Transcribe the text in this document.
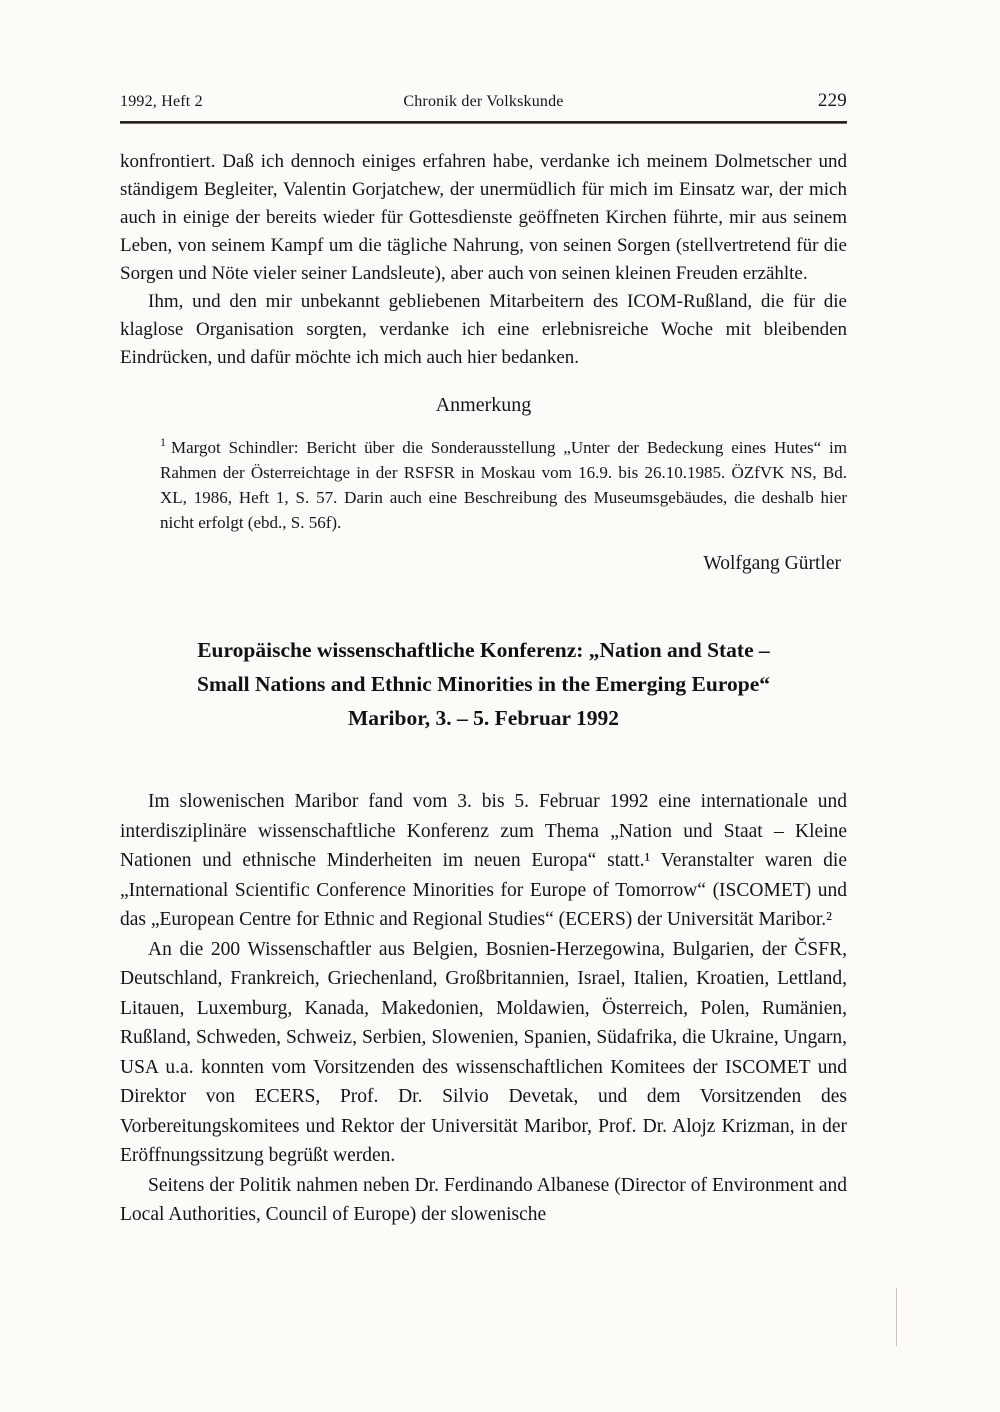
1992, Heft 2	Chronik der Volkskunde	229

konfrontiert. Daß ich dennoch einiges erfahren habe, verdanke ich meinem Dolmetscher und ständigem Begleiter, Valentin Gorjatchew, der unermüdlich für mich im Einsatz war, der mich auch in einige der bereits wieder für Gottesdienste geöffneten Kirchen führte, mir aus seinem Leben, von seinem Kampf um die tägliche Nahrung, von seinen Sorgen (stellvertretend für die Sorgen und Nöte vieler seiner Landsleute), aber auch von seinen kleinen Freuden erzählte.

Ihm, und den mir unbekannt gebliebenen Mitarbeitern des ICOM-Rußland, die für die klaglose Organisation sorgten, verdanke ich eine erlebnisreiche Woche mit bleibenden Eindrücken, und dafür möchte ich mich auch hier bedanken.

Anmerkung
$^1$ Margot Schindler: Bericht über die Sonderausstellung „Unter der Bedeckung eines Hutes“ im Rahmen der Österreichtage in der RSFSR in Moskau vom 16.9. bis 26.10.1985. ÖZfVK NS, Bd. XL, 1986, Heft 1, S. 57. Darin auch eine Beschreibung des Museumsgebäudes, die deshalb hier nicht erfolgt (ebd., S. 56f).
Wolfgang Gürtler
Europäische wissenschaftliche Konferenz: „Nation and State –
Small Nations and Ethnic Minorities in the Emerging Europe“
Maribor, 3. – 5. Februar 1992

Im slowenischen Maribor fand vom 3. bis 5. Februar 1992 eine internationale und interdisziplinäre wissenschaftliche Konferenz zum Thema „Nation und Staat – Kleine Nationen und ethnische Minderheiten im neuen Europa“ statt.¹ Veranstalter waren die „International Scientific Conference Minorities for Europe of Tomorrow“ (ISCOMET) und das „European Centre for Ethnic and Regional Studies“ (ECERS) der Universität Maribor.²

An die 200 Wissenschaftler aus Belgien, Bosnien-Herzegowina, Bulgarien, der ČSFR, Deutschland, Frankreich, Griechenland, Großbritannien, Israel, Italien, Kroatien, Lettland, Litauen, Luxemburg, Kanada, Makedonien, Moldawien, Österreich, Polen, Rumänien, Rußland, Schweden, Schweiz, Serbien, Slowenien, Spanien, Südafrika, die Ukraine, Ungarn, USA u.a. konnten vom Vorsitzenden des wissenschaftlichen Komitees der ISCOMET und Direktor von ECERS, Prof. Dr. Silvio Devetak, und dem Vorsitzenden des Vorbereitungskomitees und Rektor der Universität Maribor, Prof. Dr. Alojz Krizman, in der Eröffnungssitzung begrüßt werden.

Seitens der Politik nahmen neben Dr. Ferdinando Albanese (Director of Environment and Local Authorities, Council of Europe) der slowenische
